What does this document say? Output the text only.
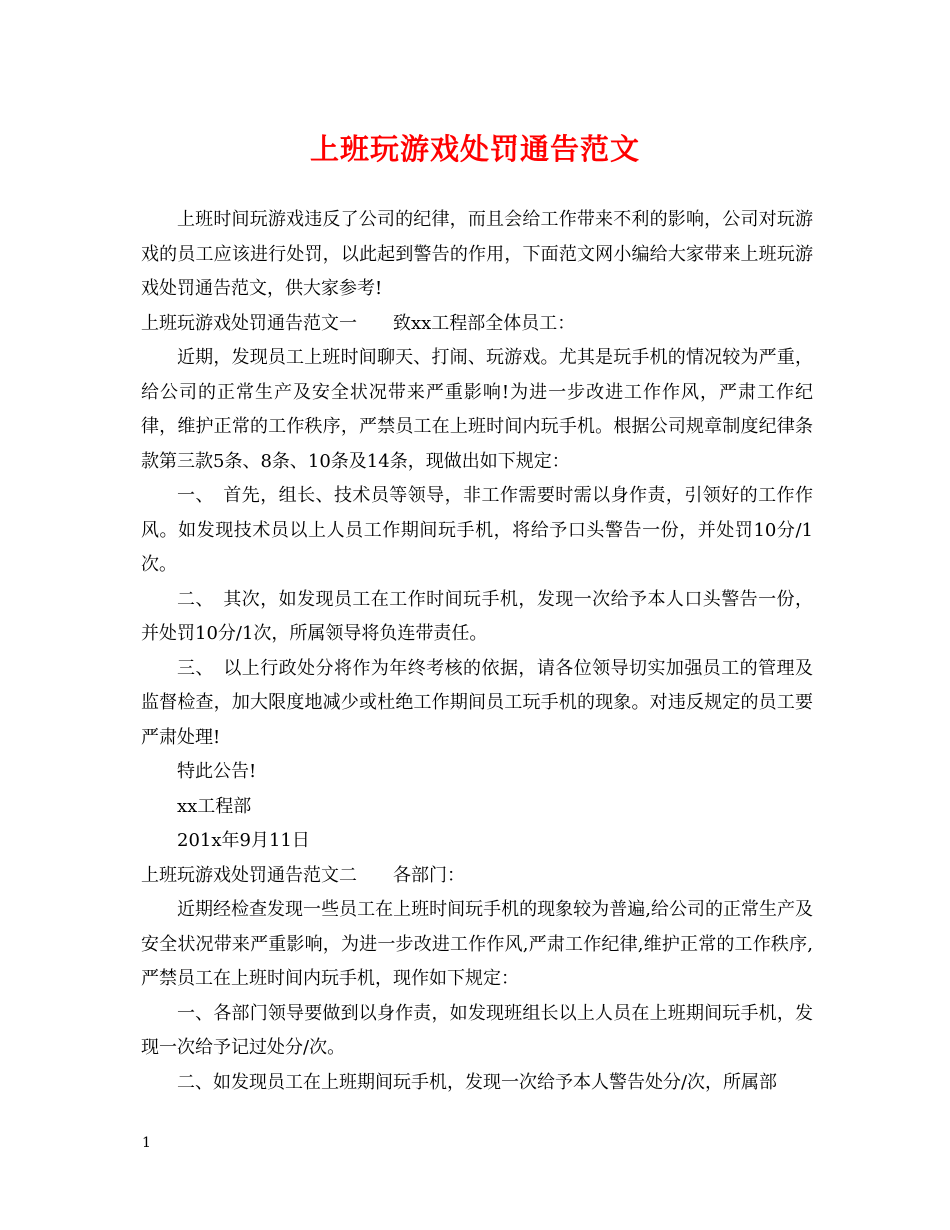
上班玩游戏处罚通告范文

上班时间玩游戏违反了公司的纪律，而且会给工作带来不利的影响，公司对玩游戏的员工应该进行处罚，以此起到警告的作用，下面范文网小编给大家带来上班玩游戏处罚通告范文，供大家参考!

上班玩游戏处罚通告范文一　　致xx工程部全体员工：

近期，发现员工上班时间聊天、打闹、玩游戏。尤其是玩手机的情况较为严重，给公司的正常生产及安全状况带来严重影响!为进一步改进工作作风，严肃工作纪律，维护正常的工作秩序，严禁员工在上班时间内玩手机。根据公司规章制度纪律条款第三款5条、8条、10条及14条，现做出如下规定：

一、　首先，组长、技术员等领导，非工作需要时需以身作责，引领好的工作作风。如发现技术员以上人员工作期间玩手机，将给予口头警告一份，并处罚10分/1次。

二、　其次，如发现员工在工作时间玩手机，发现一次给予本人口头警告一份，并处罚10分/1次，所属领导将负连带责任。

三、　以上行政处分将作为年终考核的依据，请各位领导切实加强员工的管理及监督检查，加大限度地减少或杜绝工作期间员工玩手机的现象。对违反规定的员工要严肃处理!

特此公告!

xx工程部

201x年9月11日

上班玩游戏处罚通告范文二　　各部门：

近期经检查发现一些员工在上班时间玩手机的现象较为普遍,给公司的正常生产及安全状况带来严重影响，为进一步改进工作作风,严肃工作纪律,维护正常的工作秩序,严禁员工在上班时间内玩手机，现作如下规定：

一、各部门领导要做到以身作责，如发现班组长以上人员在上班期间玩手机，发现一次给予记过处分/次。

二、如发现员工在上班期间玩手机，发现一次给予本人警告处分/次，所属部

1
